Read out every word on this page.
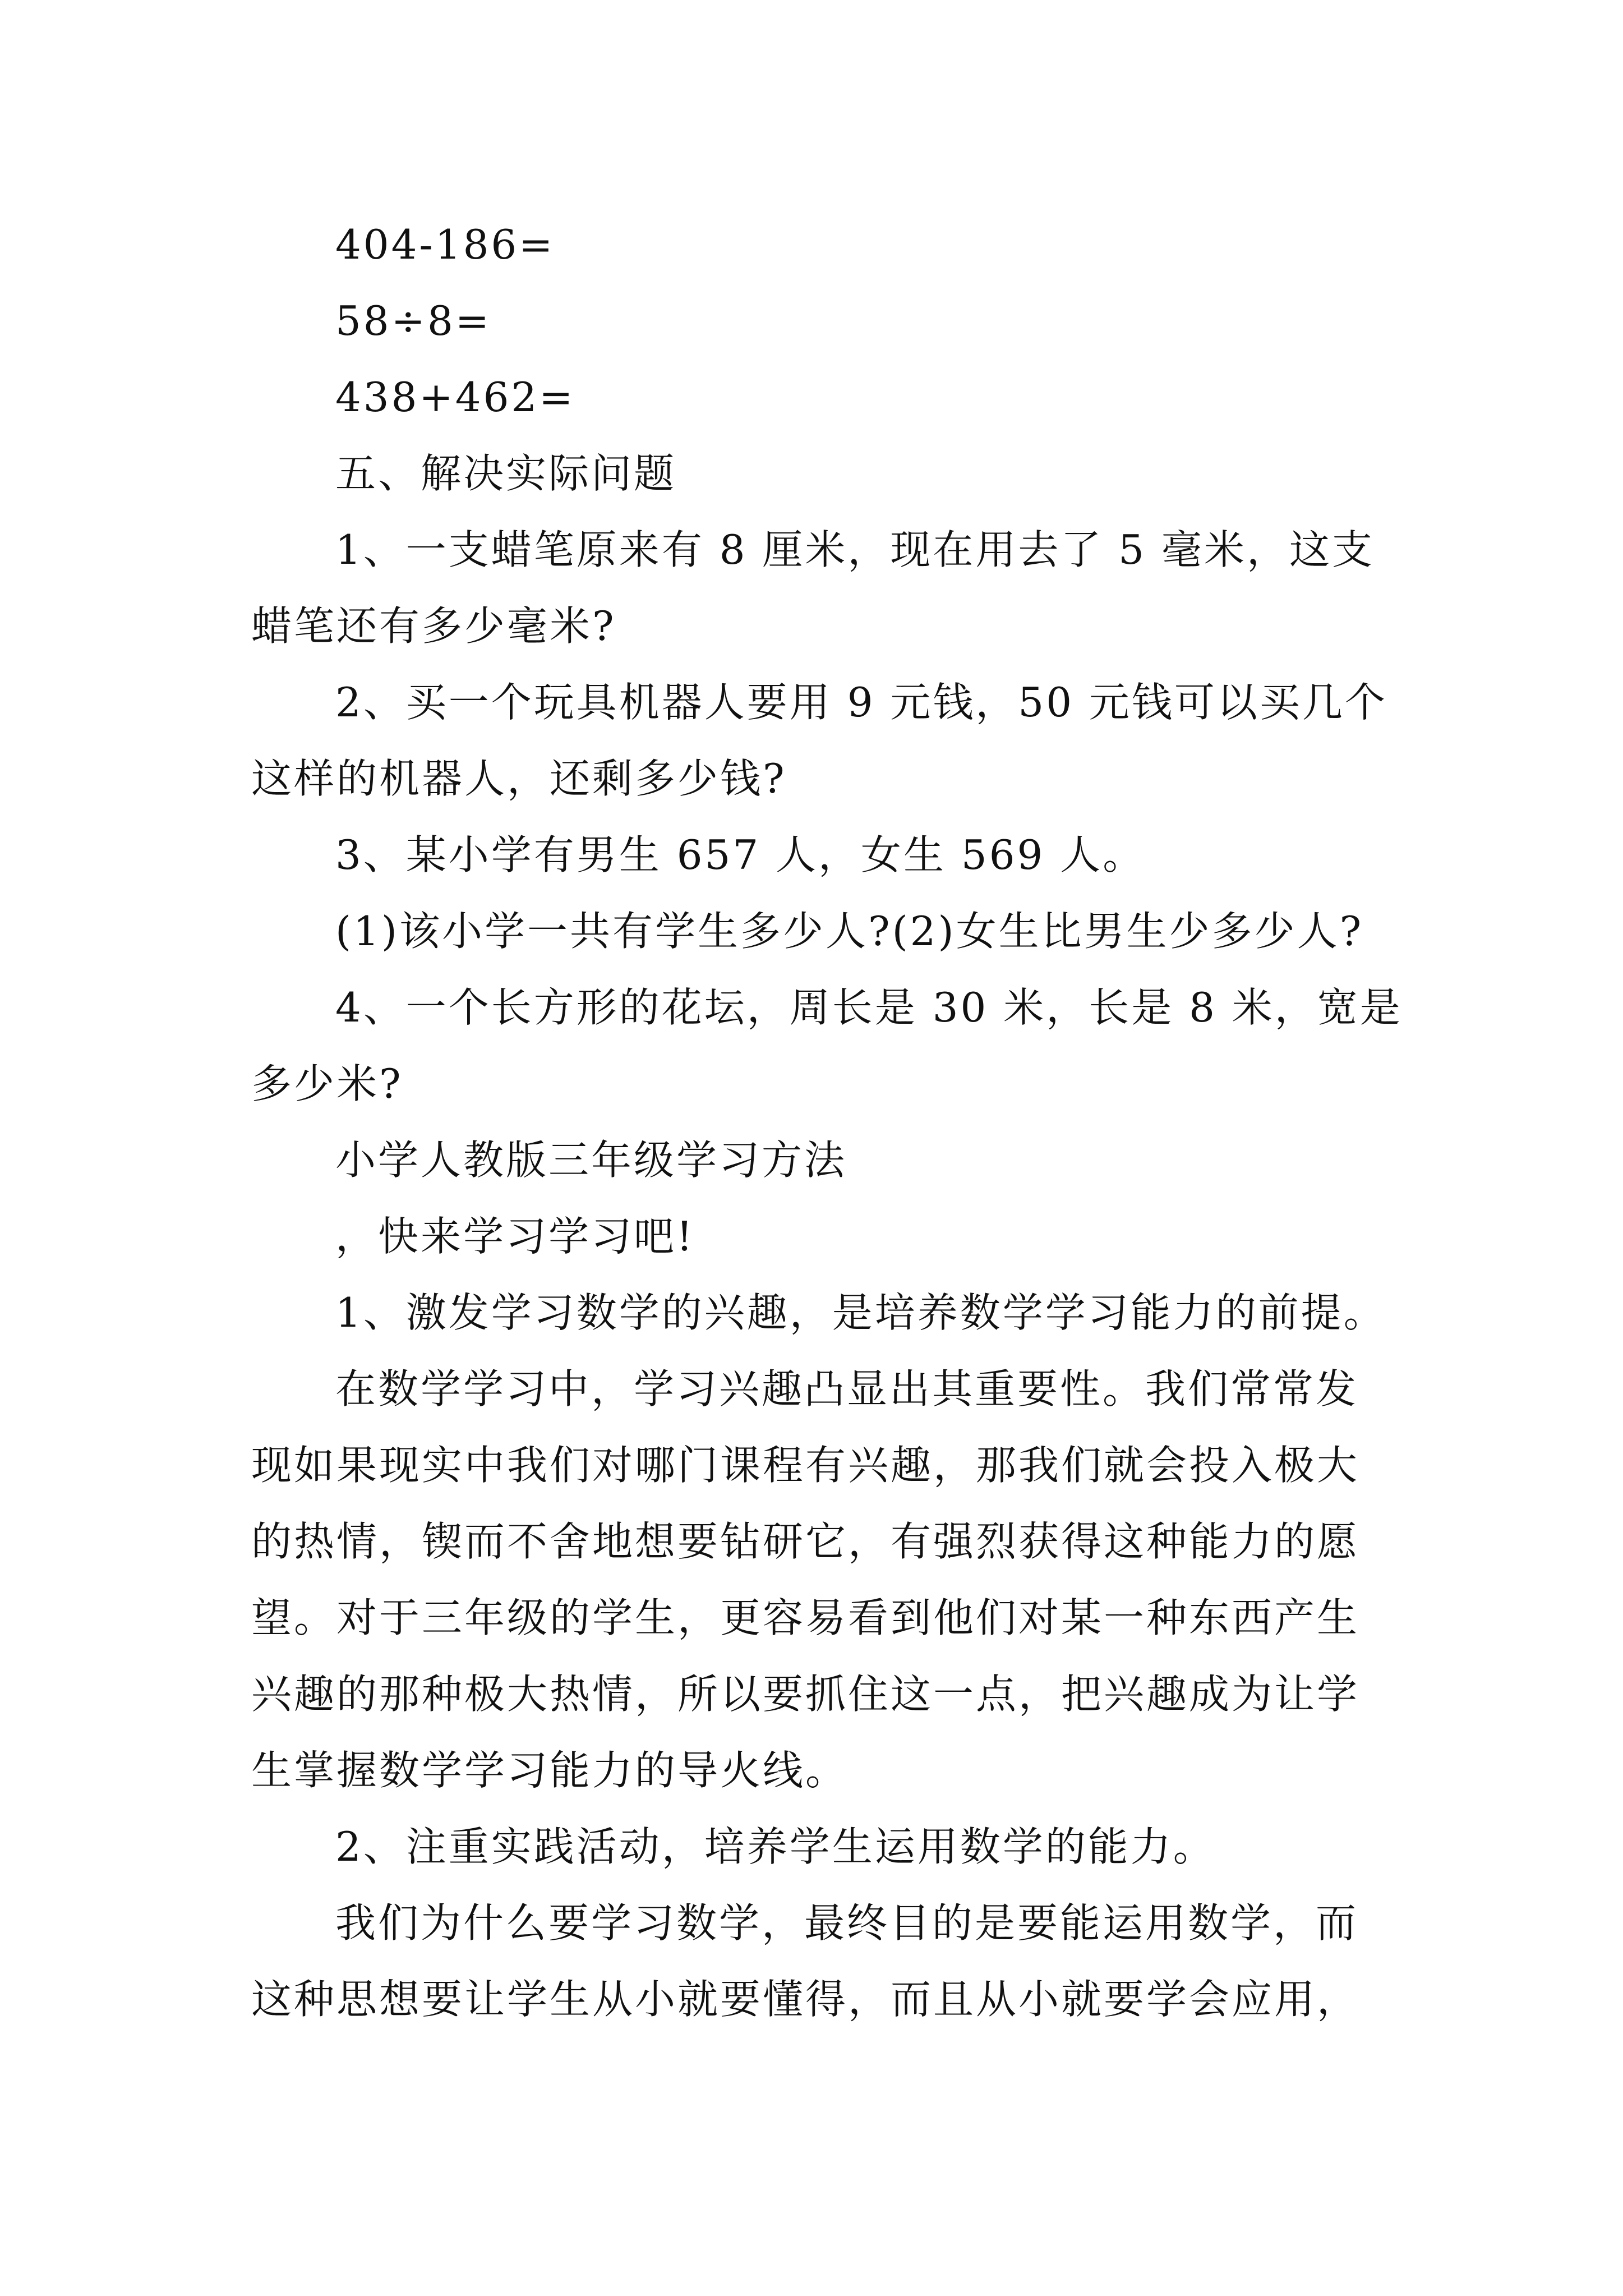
404-186=

58÷8=

438+462=

五、解决实际问题

1、一支蜡笔原来有 8 厘米，现在用去了 5 毫米，这支

蜡笔还有多少毫米?

2、买一个玩具机器人要用 9 元钱，50 元钱可以买几个

这样的机器人，还剩多少钱?

3、某小学有男生 657 人，女生 569 人。

(1)该小学一共有学生多少人?(2)女生比男生少多少人?

4、一个长方形的花坛，周长是 30 米，长是 8 米，宽是

多少米?

小学人教版三年级学习方法

，快来学习学习吧!

1、激发学习数学的兴趣，是培养数学学习能力的前提。

在数学学习中，学习兴趣凸显出其重要性。我们常常发

现如果现实中我们对哪门课程有兴趣，那我们就会投入极大

的热情，锲而不舍地想要钻研它，有强烈获得这种能力的愿

望。对于三年级的学生，更容易看到他们对某一种东西产生

兴趣的那种极大热情，所以要抓住这一点，把兴趣成为让学

生掌握数学学习能力的导火线。

2、注重实践活动，培养学生运用数学的能力。

我们为什么要学习数学，最终目的是要能运用数学，而

这种思想要让学生从小就要懂得，而且从小就要学会应用，
